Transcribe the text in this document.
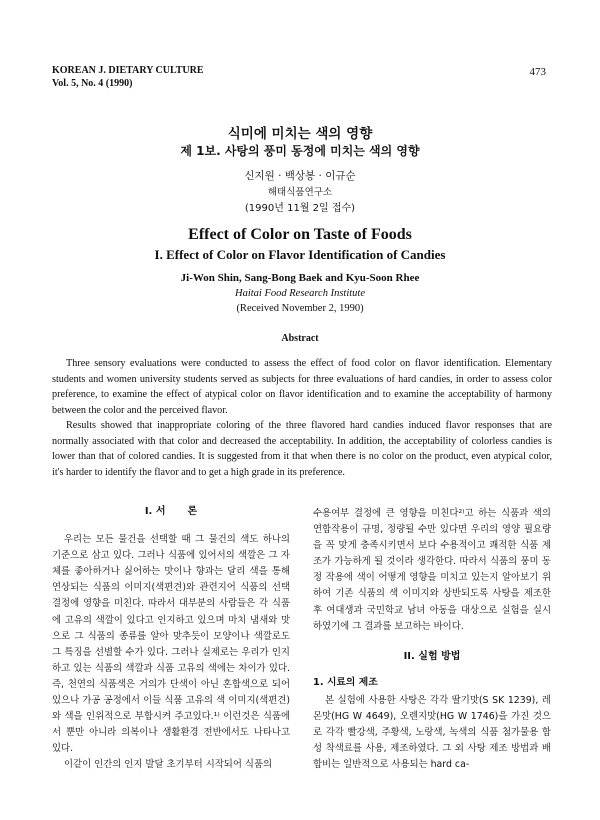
KOREAN J. DIETARY CULTURE
Vol. 5, No. 4 (1990)
473
식미에 미치는 색의 영향
제 1보. 사탕의 풍미 동정에 미치는 색의 영향
신지원 · 백상봉 · 이규순
해태식품연구소
(1990년 11월 2일 접수)
Effect of Color on Taste of Foods
I. Effect of Color on Flavor Identification of Candies
Ji-Won Shin, Sang-Bong Baek and Kyu-Soon Rhee
Haitai Food Research Institute
(Received November 2, 1990)
Abstract

Three sensory evaluations were conducted to assess the effect of food color on flavor identification. Elementary students and women university students served as subjects for three evaluations of hard candies, in order to assess color preference, to examine the effect of atypical color on flavor identification and to examine the acceptability of harmony between the color and the perceived flavor.

Results showed that inappropriate coloring of the three flavored hard candies induced flavor responses that are normally associated with that color and decreased the acceptability. In addition, the acceptability of colorless candies is lower than that of colored candies. It is suggested from it that when there is no color on the product, even atypical color, it's harder to identify the flavor and to get a high grade in its preference.

I. 서 론

우리는 모든 물건을 선택할 때 그 물건의 색도 하나의 기준으로 삼고 있다. 그러나 식품에 있어서의 색깔은 그 자체를 좋아하거나 싫어하는 맛이나 향과는 달리 색을 통해 연상되는 식품의 이미지(색편견)와 관련지어 식품의 선택 결정에 영향을 미친다. 따라서 대부분의 사람들은 각 식품에 고유의 색깔이 있다고 인지하고 있으며 마치 냄새와 맛으로 그 식품의 종류를 알아 맞추듯이 모양이나 색깔로도 그 특징을 선별할 수가 있다. 그러나 실제로는 우리가 인지하고 있는 식품의 색깔과 식품 고유의 색에는 차이가 있다. 즉, 천연의 식품색은 거의가 단색이 아닌 혼합색으로 되어 있으나 가공 공정에서 이들 식품 고유의 색 이미지(색편견)와 색을 인위적으로 부합시켜 주고있다.¹⁾ 이런것은 식품에서 뿐만 아니라 의복이나 생활환경 전반에서도 나타나고 있다.

이같이 인간의 인지 발달 초기부터 시작되어 식품의

수용여부 결정에 큰 영향을 미친다²⁾고 하는 식품과 색의 연합작용이 규명, 정량될 수만 있다면 우리의 영양 필요량을 꼭 맞게 충족시키면서 보다 수용적이고 쾌적한 식품 제조가 가능하게 될 것이라 생각한다. 따라서 식품의 풍미 동정 작용에 색이 어떻게 영향을 미치고 있는지 알아보기 위하여 기존 식품의 색 이미지와 상반되도록 사탕을 제조한 후 여대생과 국민학교 남녀 아동을 대상으로 실험을 실시하였기에 그 결과를 보고하는 바이다.

II. 실험 방법
1. 시료의 제조

본 실험에 사용한 사탕은 각각 딸기맛(S SK 1239), 레몬맛(HG W 4649), 오렌지맛(HG W 1746)을 가진 것으로 각각 빨강색, 주황색, 노랑색, 녹색의 식품 첨가물용 합성 착색료를 사용, 제조하였다. 그 외 사탕 제조 방법과 배합비는 일반적으로 사용되는 hard ca-
